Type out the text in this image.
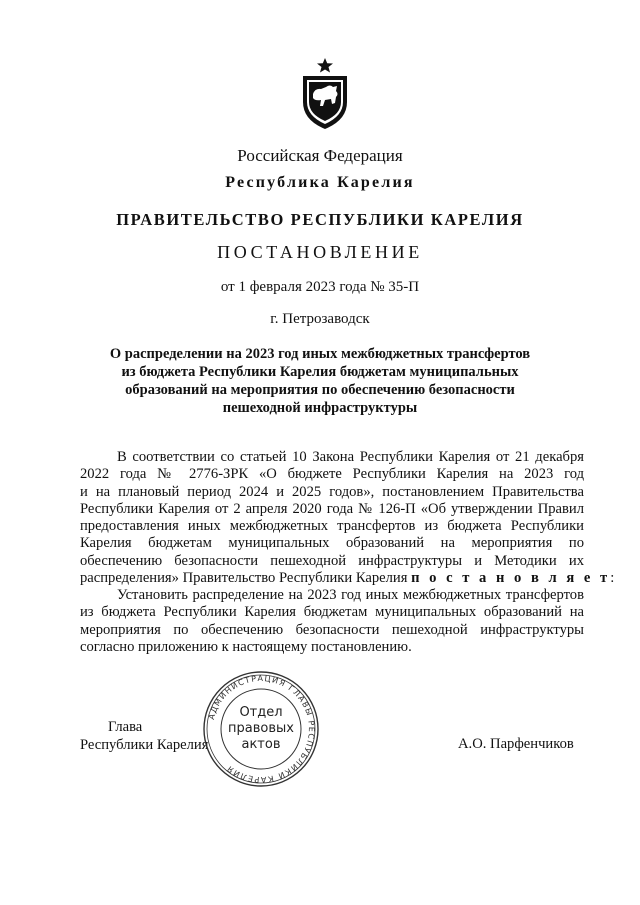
Российская Федерация
Республика Карелия
ПРАВИТЕЛЬСТВО РЕСПУБЛИКИ КАРЕЛИЯ
ПОСТАНОВЛЕНИЕ
от 1 февраля 2023 года № 35-П
г. Петрозаводск
О распределении на 2023 год иных межбюджетных трансфертов
из бюджета Республики Карелия бюджетам муниципальных
образований на мероприятия по обеспечению безопасности
пешеходной инфраструктуры
В соответствии со статьей 10 Закона Республики Карелия от 21 декабря
2022 года № 2776-ЗРК «О бюджете Республики Карелия на 2023 год
и на плановый период 2024 и 2025 годов», постановлением Правительства
Республики Карелия от 2 апреля 2020 года № 126-П «Об утверждении Правил
предоставления иных межбюджетных трансфертов из бюджета Республики
Карелия бюджетам муниципальных образований на мероприятия по
обеспечению безопасности пешеходной инфраструктуры и Методики их
распределения» Правительство Республики Карелия п о с т а н о в л я е т:
Установить распределение на 2023 год иных межбюджетных трансфертов
из бюджета Республики Карелия бюджетам муниципальных образований на
мероприятия по обеспечению безопасности пешеходной инфраструктуры
согласно приложению к настоящему постановлению.
Глава
Республики Карелия	А.О. Парфенчиков
АДМИНИСТРАЦИЯ ГЛАВЫ РЕСПУБЛИКИ КАРЕЛИЯ
Отдел
правовых
актов
